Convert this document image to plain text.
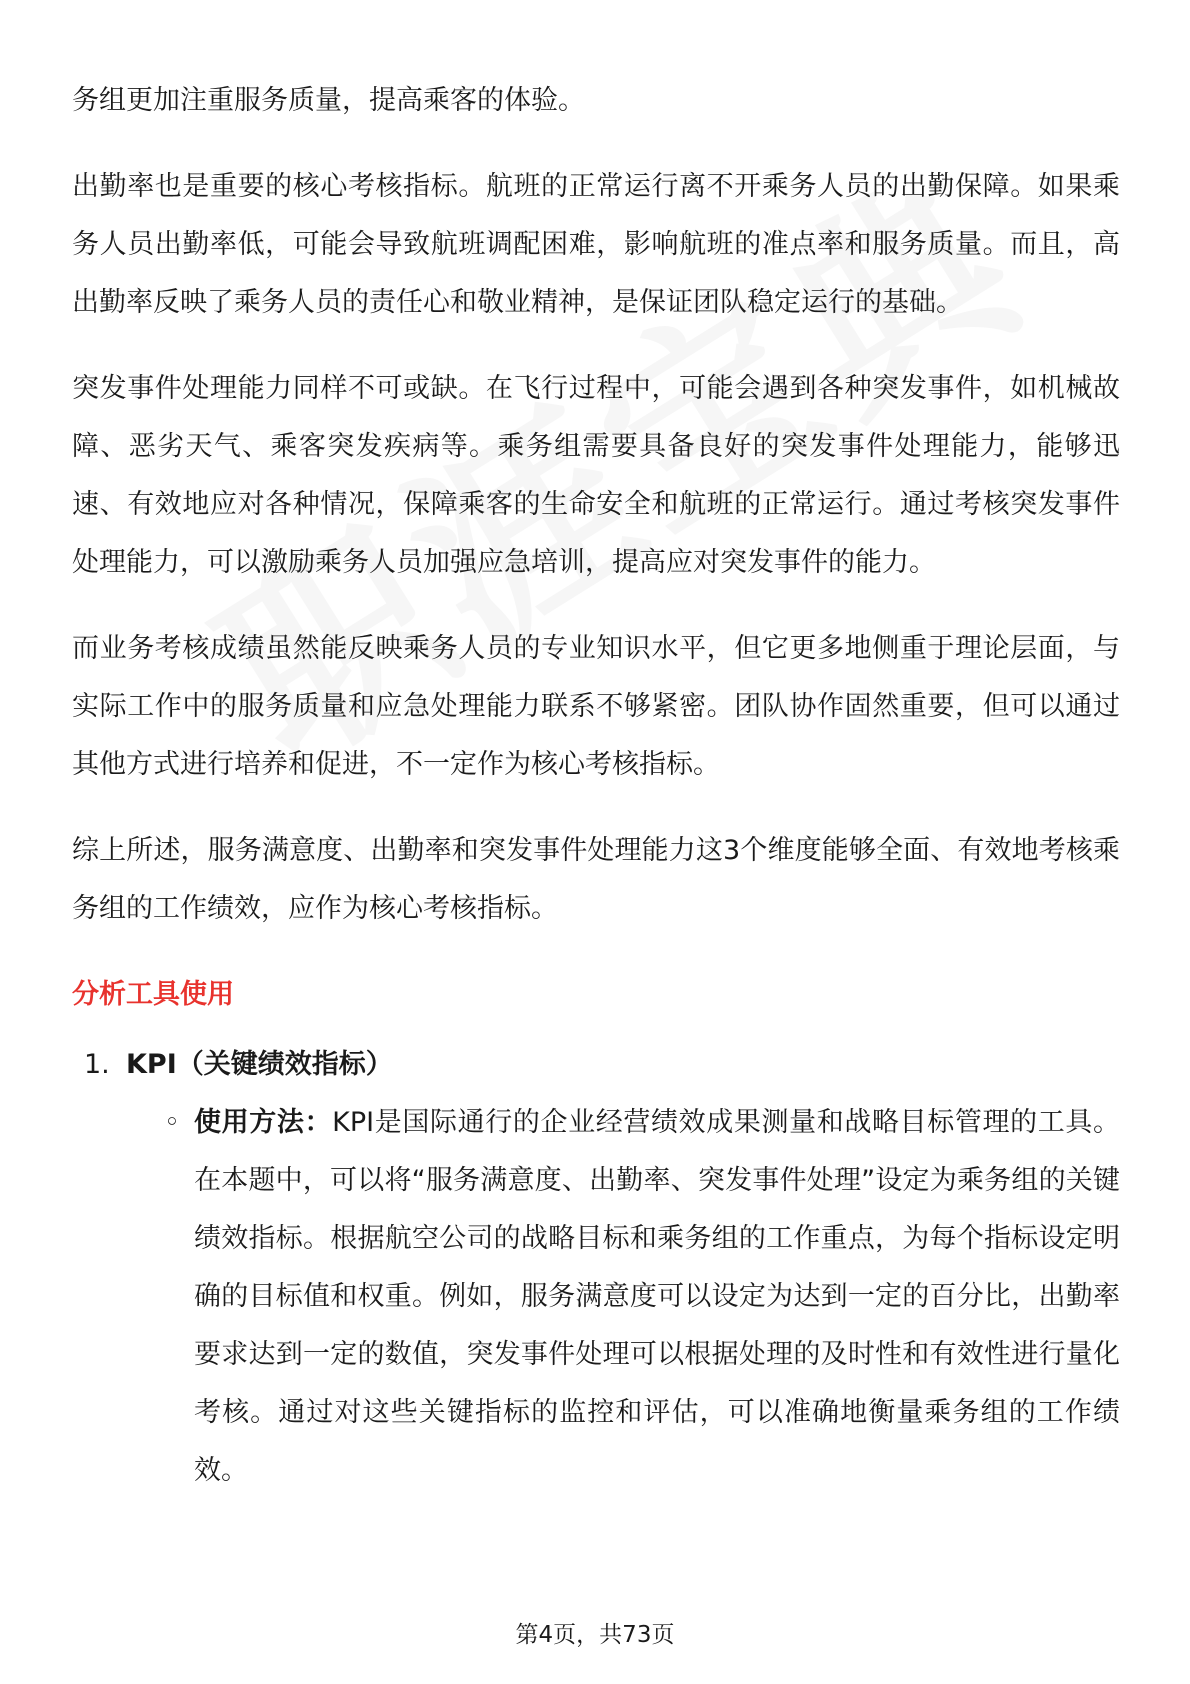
务组更加注重服务质量，提高乘客的体验。

出勤率也是重要的核心考核指标。航班的正常运行离不开乘务人员的出勤保障。如果乘务人员出勤率低，可能会导致航班调配困难，影响航班的准点率和服务质量。而且，高出勤率反映了乘务人员的责任心和敬业精神，是保证团队稳定运行的基础。

突发事件处理能力同样不可或缺。在飞行过程中，可能会遇到各种突发事件，如机械故障、恶劣天气、乘客突发疾病等。乘务组需要具备良好的突发事件处理能力，能够迅速、有效地应对各种情况，保障乘客的生命安全和航班的正常运行。通过考核突发事件处理能力，可以激励乘务人员加强应急培训，提高应对突发事件的能力。

而业务考核成绩虽然能反映乘务人员的专业知识水平，但它更多地侧重于理论层面，与实际工作中的服务质量和应急处理能力联系不够紧密。团队协作固然重要，但可以通过其他方式进行培养和促进，不一定作为核心考核指标。

综上所述，服务满意度、出勤率和突发事件处理能力这3个维度能够全面、有效地考核乘务组的工作绩效，应作为核心考核指标。

分析工具使用
1. KPI（关键绩效指标）
◦ 使用方法：KPI是国际通行的企业经营绩效成果测量和战略目标管理的工具。在本题中，可以将“服务满意度、出勤率、突发事件处理”设定为乘务组的关键绩效指标。根据航空公司的战略目标和乘务组的工作重点，为每个指标设定明确的目标值和权重。例如，服务满意度可以设定为达到一定的百分比，出勤率要求达到一定的数值，突发事件处理可以根据处理的及时性和有效性进行量化考核。通过对这些关键指标的监控和评估，可以准确地衡量乘务组的工作绩效。
第4页，共73页
